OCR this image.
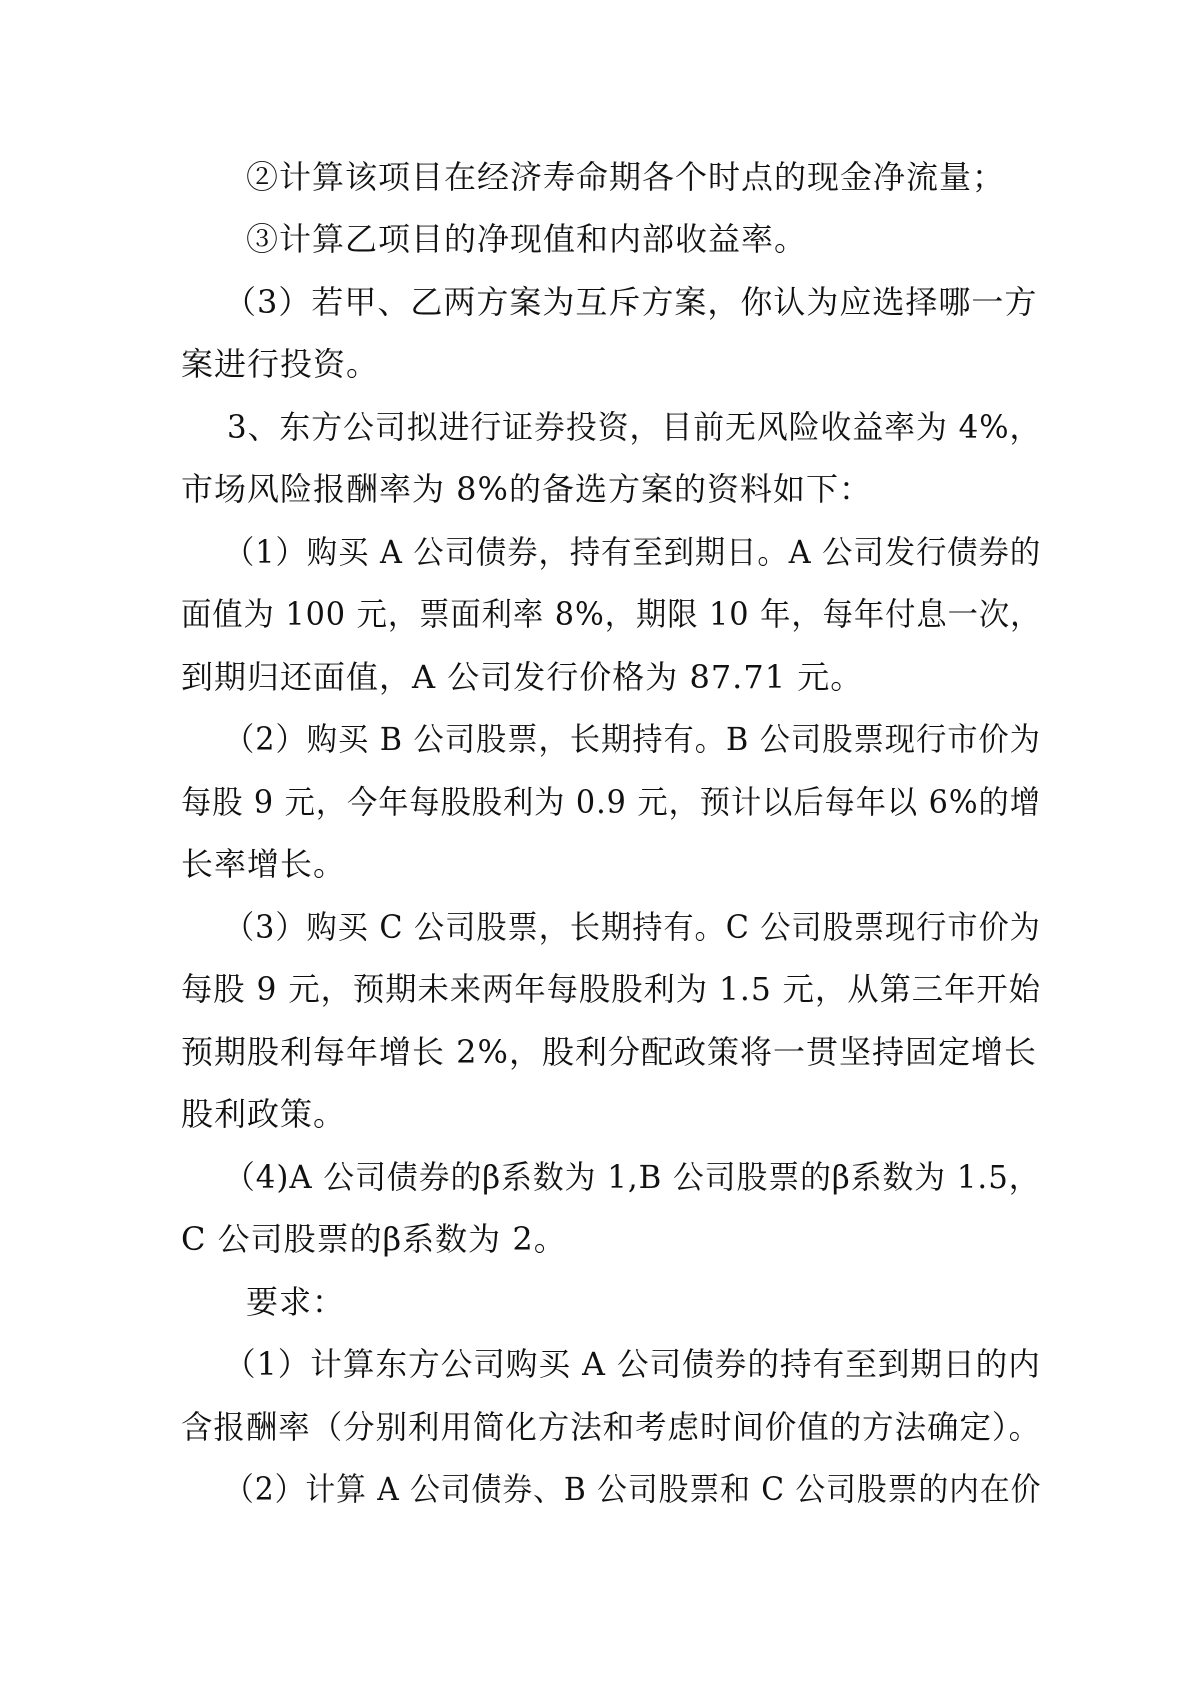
②计算该项目在经济寿命期各个时点的现金净流量；
③计算乙项目的净现值和内部收益率。
（3）若甲、乙两方案为互斥方案，你认为应选择哪一方
案进行投资。
3、东方公司拟进行证券投资，目前无风险收益率为 4%，
市场风险报酬率为 8%的备选方案的资料如下：
（1）购买 A 公司债券，持有至到期日。A 公司发行债券的
面值为 100 元，票面利率 8%，期限 10 年，每年付息一次，
到期归还面值，A 公司发行价格为 87.71 元。
（2）购买 B 公司股票，长期持有。B 公司股票现行市价为
每股 9 元，今年每股股利为 0.9 元，预计以后每年以 6%的增
长率增长。
（3）购买 C 公司股票，长期持有。C 公司股票现行市价为
每股 9 元，预期未来两年每股股利为 1.5 元，从第三年开始
预期股利每年增长 2%，股利分配政策将一贯坚持固定增长
股利政策。
（4)A 公司债券的β系数为 1,B 公司股票的β系数为 1.5，
C 公司股票的β系数为 2。
要求：
（1）计算东方公司购买 A 公司债券的持有至到期日的内
含报酬率（分别利用简化方法和考虑时间价值的方法确定）。
（2）计算 A 公司债券、B 公司股票和 C 公司股票的内在价
